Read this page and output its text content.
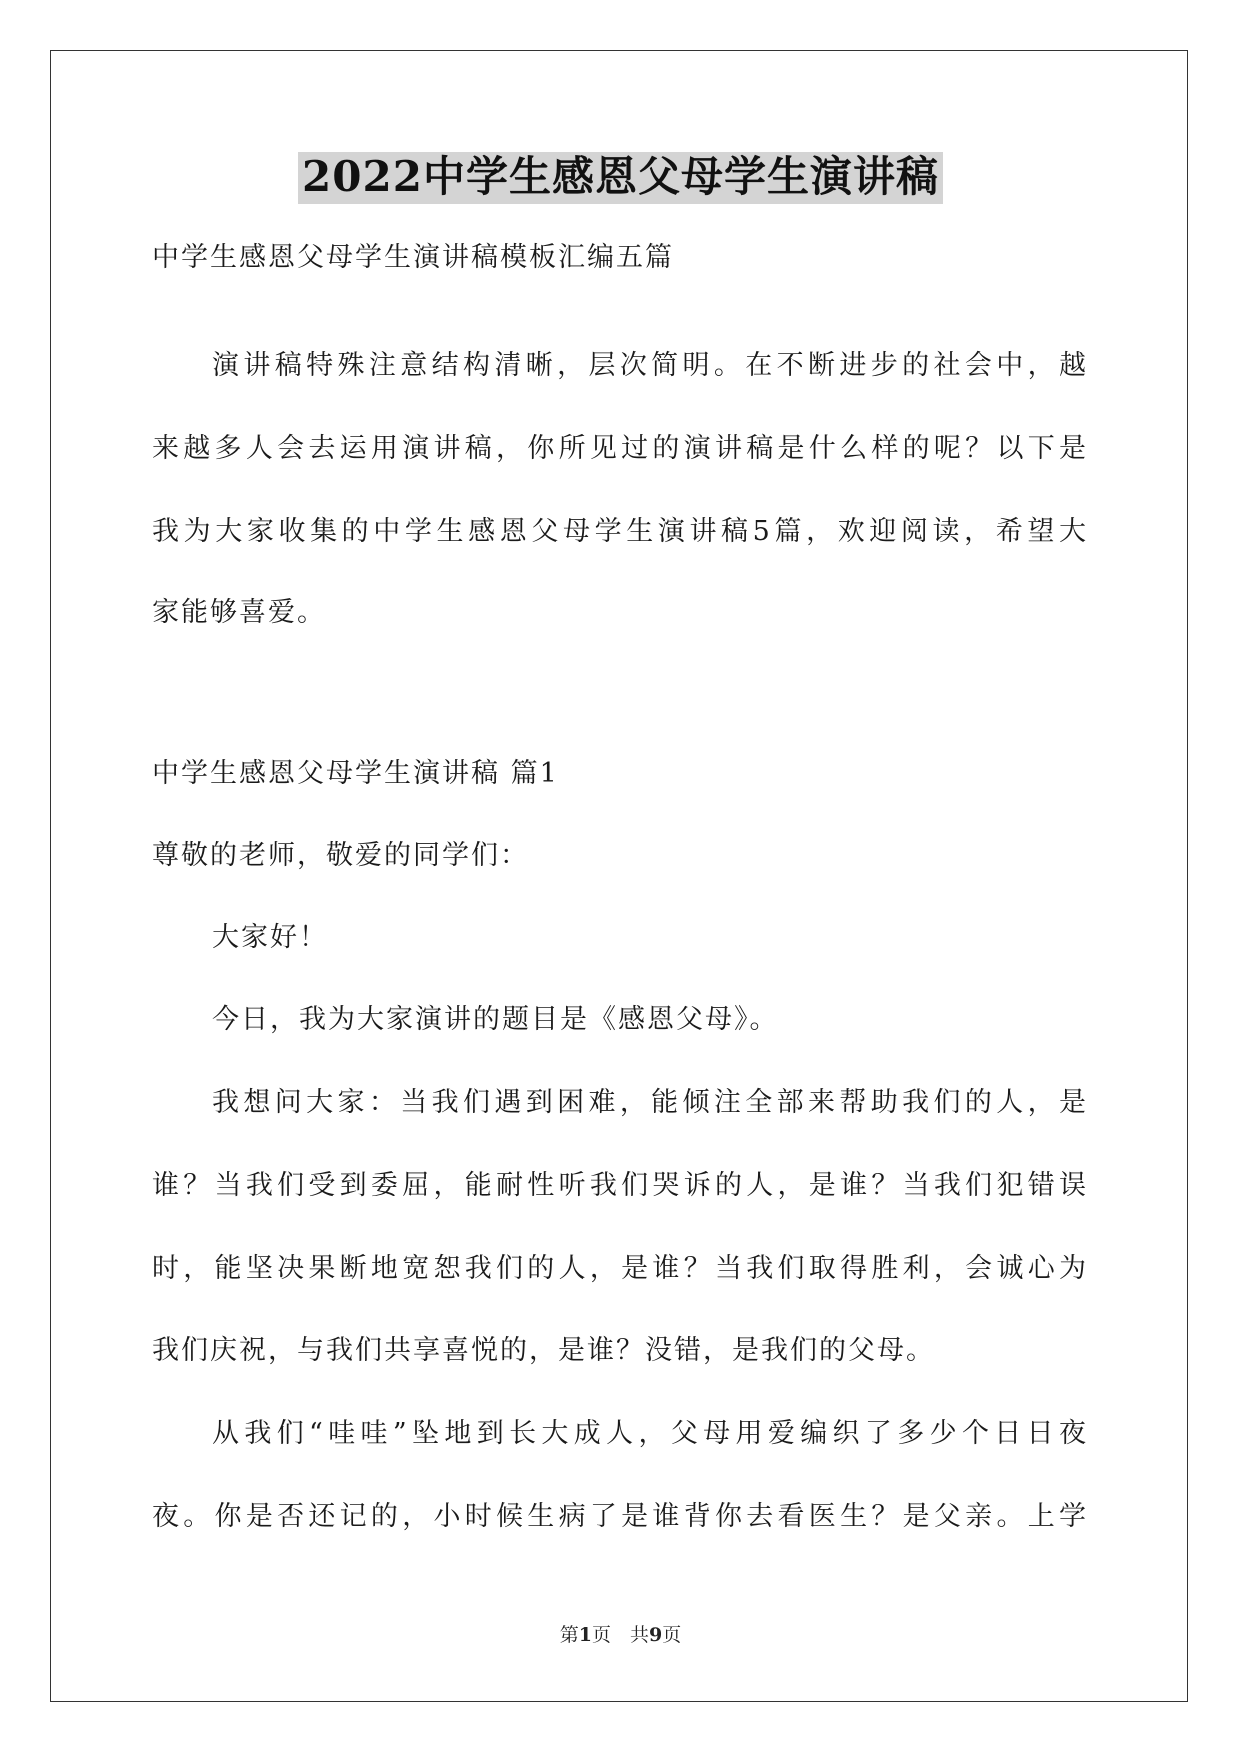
2022中学生感恩父母学生演讲稿
中学生感恩父母学生演讲稿模板汇编五篇
演讲稿特殊注意结构清晰，层次简明。在不断进步的社会中，越
来越多人会去运用演讲稿，你所见过的演讲稿是什么样的呢？以下是
我为大家收集的中学生感恩父母学生演讲稿5篇，欢迎阅读，希望大
家能够喜爱。
中学生感恩父母学生演讲稿 篇1
尊敬的老师，敬爱的同学们：
大家好！
今日，我为大家演讲的题目是《感恩父母》。
我想问大家：当我们遇到困难，能倾注全部来帮助我们的人，是
谁？当我们受到委屈，能耐性听我们哭诉的人，是谁？当我们犯错误
时，能坚决果断地宽恕我们的人，是谁？当我们取得胜利，会诚心为
我们庆祝，与我们共享喜悦的，是谁？没错，是我们的父母。
从我们“哇哇”坠地到长大成人，父母用爱编织了多少个日日夜
夜。你是否还记的，小时候生病了是谁背你去看医生？是父亲。上学
第1页　共9页
